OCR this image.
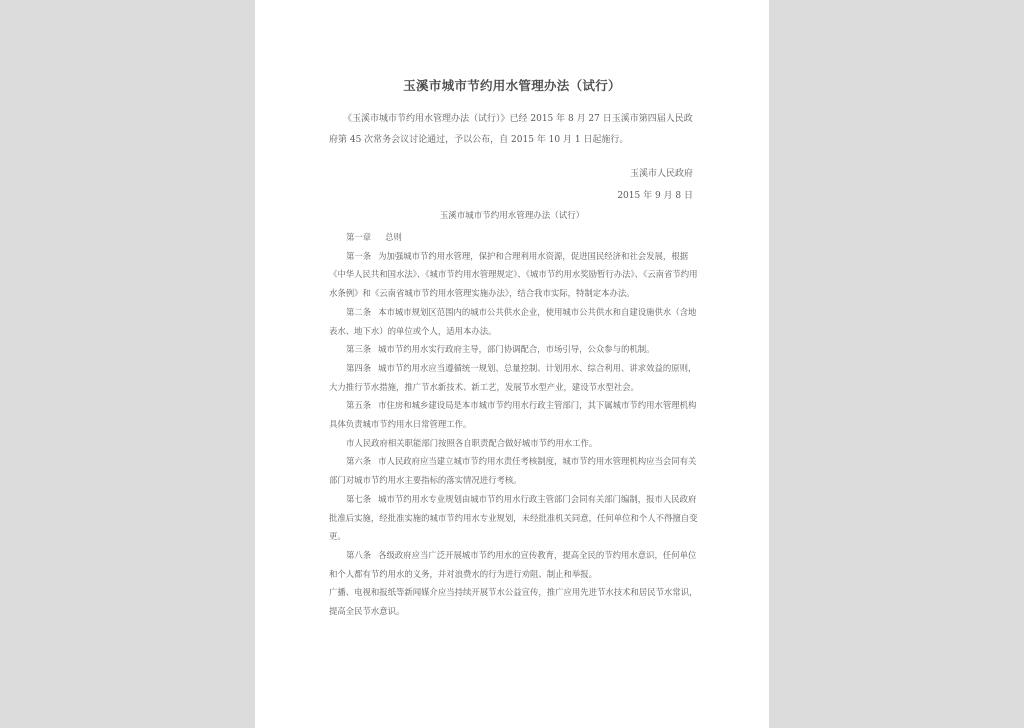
玉溪市城市节约用水管理办法（试行）
《玉溪市城市节约用水管理办法（试行）》已经 2015 年 8 月 27 日玉溪市第四届人民政府第 45 次常务会议讨论通过，予以公布，自 2015 年 10 月 1 日起施行。
玉溪市人民政府
2015 年 9 月 8 日
玉溪市城市节约用水管理办法（试行）

第一章 总则

第一条 为加强城市节约用水管理，保护和合理利用水资源，促进国民经济和社会发展，根据《中华人民共和国水法》、《城市节约用水管理规定》、《城市节约用水奖励暂行办法》、《云南省节约用水条例》和《云南省城市节约用水管理实施办法》，结合我市实际，特制定本办法。

第二条 本市城市规划区范围内的城市公共供水企业，使用城市公共供水和自建设施供水（含地表水、地下水）的单位或个人，适用本办法。

第三条 城市节约用水实行政府主导，部门协调配合，市场引导，公众参与的机制。

第四条 城市节约用水应当遵循统一规划、总量控制、计划用水、综合利用、讲求效益的原则，大力推行节水措施，推广节水新技术、新工艺，发展节水型产业，建设节水型社会。

第五条 市住房和城乡建设局是本市城市节约用水行政主管部门，其下属城市节约用水管理机构具体负责城市节约用水日常管理工作。

市人民政府相关职能部门按照各自职责配合做好城市节约用水工作。

第六条 市人民政府应当建立城市节约用水责任考核制度，城市节约用水管理机构应当会同有关部门对城市节约用水主要指标的落实情况进行考核。

第七条 城市节约用水专业规划由城市节约用水行政主管部门会同有关部门编制，报市人民政府批准后实施，经批准实施的城市节约用水专业规划，未经批准机关同意，任何单位和个人不得擅自变更。

第八条 各级政府应当广泛开展城市节约用水的宣传教育，提高全民的节约用水意识，任何单位和个人都有节约用水的义务，并对浪费水的行为进行劝阻、制止和举报。

广播、电视和报纸等新闻媒介应当持续开展节水公益宣传，推广应用先进节水技术和居民节水常识，提高全民节水意识。
